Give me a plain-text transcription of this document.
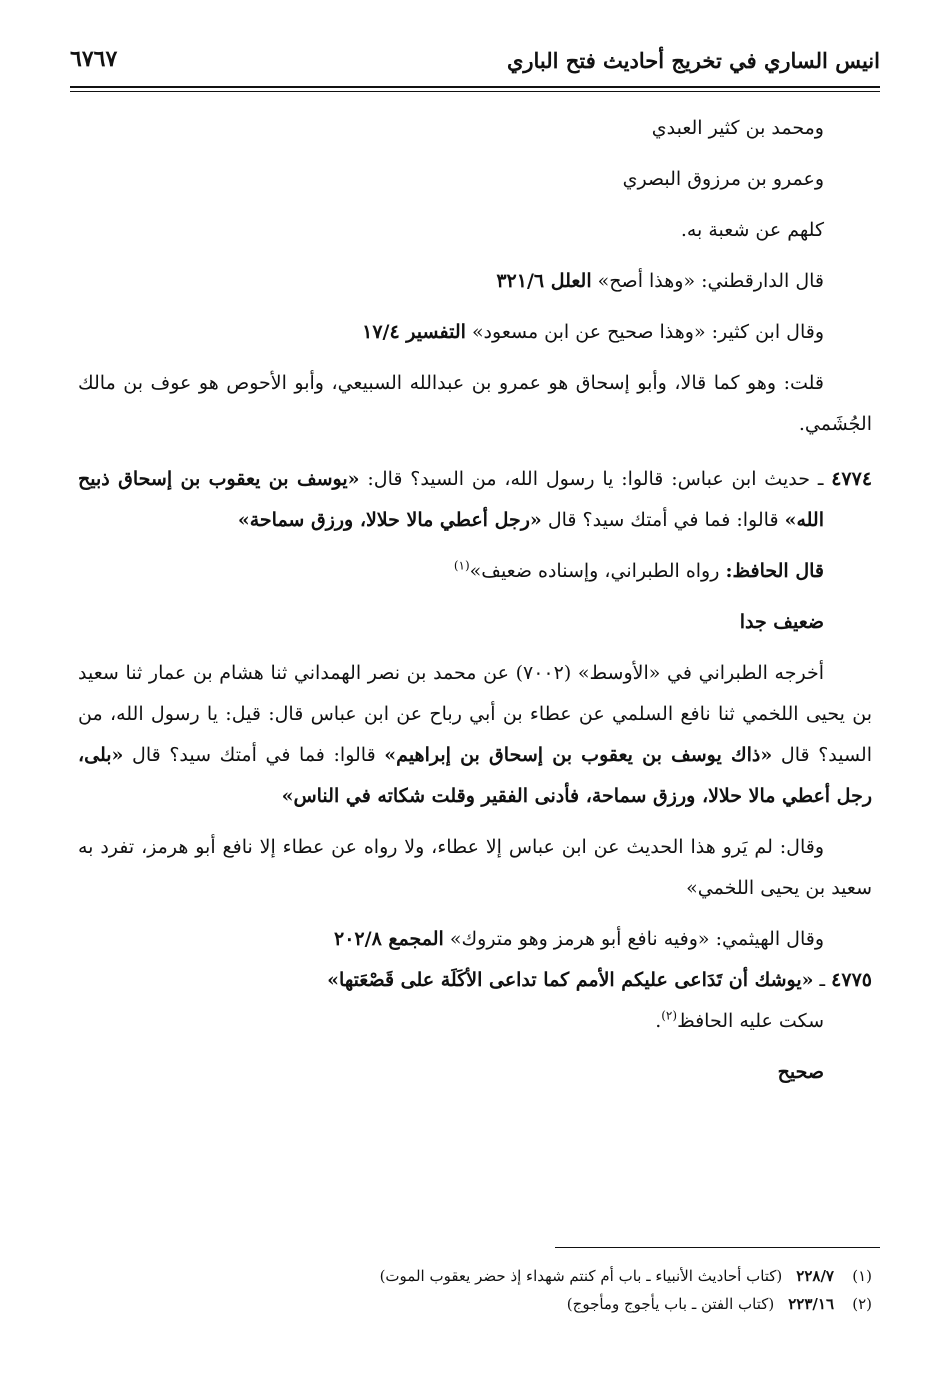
انيس الساري في تخريج أحاديث فتح الباري
٦٧٦٧
ومحمد بن كثير العبدي
وعمرو بن مرزوق البصري
كلهم عن شعبة به.
قال الدارقطني: «وهذا أصح» العلل ٣٢١/٦
وقال ابن كثير: «وهذا صحيح عن ابن مسعود» التفسير ١٧/٤
قلت: وهو كما قالا، وأبو إسحاق هو عمرو بن عبدالله السبيعي، وأبو الأحوص هو عوف بن مالك الجُشَمي.
٤٧٧٤ ـ حديث ابن عباس: قالوا: يا رسول الله، من السيد؟ قال: «يوسف بن يعقوب بن إسحاق ذبيح الله» قالوا: فما في أمتك سيد؟ قال «رجل أعطي مالا حلالا، ورزق سماحة»
قال الحافظ: رواه الطبراني، وإسناده ضعيف»$^{(١)}$
ضعيف جدا
أخرجه الطبراني في «الأوسط» (٧٠٠٢) عن محمد بن نصر الهمداني ثنا هشام بن عمار ثنا سعيد بن يحيى اللخمي ثنا نافع السلمي عن عطاء بن أبي رباح عن ابن عباس قال: قيل: يا رسول الله، من السيد؟ قال «ذاك يوسف بن يعقوب بن إسحاق بن إبراهيم» قالوا: فما في أمتك سيد؟ قال «بلى، رجل أعطي مالا حلالا، ورزق سماحة، فأدنى الفقير وقلت شكاته في الناس»
وقال: لم يَرو هذا الحديث عن ابن عباس إلا عطاء، ولا رواه عن عطاء إلا نافع أبو هرمز، تفرد به سعيد بن يحيى اللخمي»
وقال الهيثمي: «وفيه نافع أبو هرمز وهو متروك» المجمع ٢٠٢/٨
٤٧٧٥ ـ «يوشك أن تَدَاعى عليكم الأمم كما تداعى الأكَلَة على قَصْعَتها»
سكت عليه الحافظ$^{(٢)}$.
صحيح
(١)٢٢٨/٧(كتاب أحاديث الأنبياء ـ باب أم كنتم شهداء إذ حضر يعقوب الموت)
(٢)٢٢٣/١٦(كتاب الفتن ـ باب يأجوج ومأجوج)
